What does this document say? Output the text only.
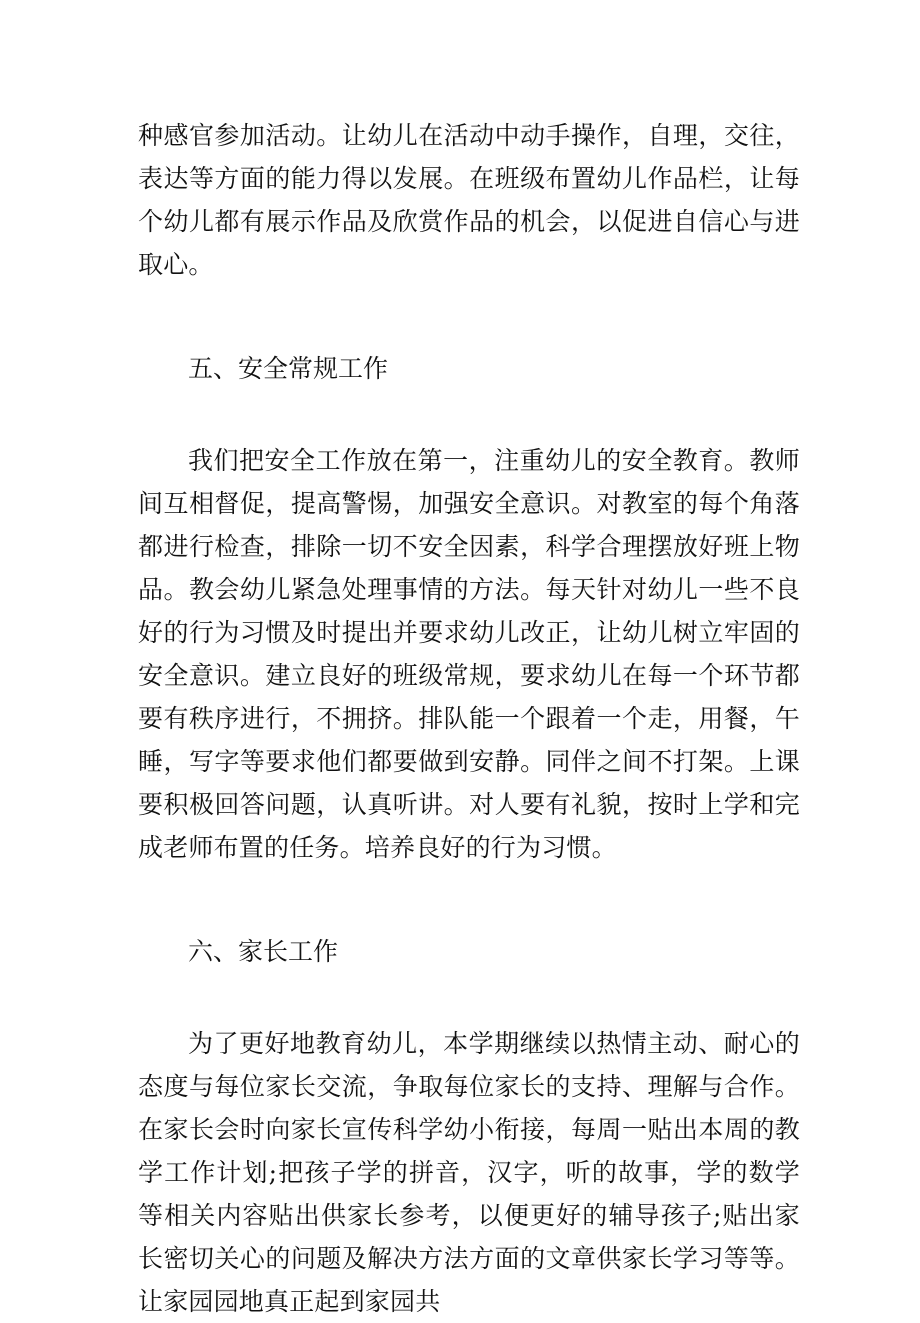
种感官参加活动。让幼儿在活动中动手操作，自理，交往，表达等方面的能力得以发展。在班级布置幼儿作品栏，让每个幼儿都有展示作品及欣赏作品的机会，以促进自信心与进取心。

五、安全常规工作

我们把安全工作放在第一，注重幼儿的安全教育。教师间互相督促，提高警惕，加强安全意识。对教室的每个角落都进行检查，排除一切不安全因素，科学合理摆放好班上物品。教会幼儿紧急处理事情的方法。每天针对幼儿一些不良好的行为习惯及时提出并要求幼儿改正，让幼儿树立牢固的安全意识。建立良好的班级常规，要求幼儿在每一个环节都要有秩序进行，不拥挤。排队能一个跟着一个走，用餐，午睡，写字等要求他们都要做到安静。同伴之间不打架。上课要积极回答问题，认真听讲。对人要有礼貌，按时上学和完成老师布置的任务。培养良好的行为习惯。

六、家长工作

为了更好地教育幼儿，本学期继续以热情主动、耐心的态度与每位家长交流，争取每位家长的支持、理解与合作。在家长会时向家长宣传科学幼小衔接，每周一贴出本周的教学工作计划;把孩子学的拼音，汉字，听的故事，学的数学等相关内容贴出供家长参考，以便更好的辅导孩子;贴出家长密切关心的问题及解决方法方面的文章供家长学习等等。让家园园地真正起到家园共
